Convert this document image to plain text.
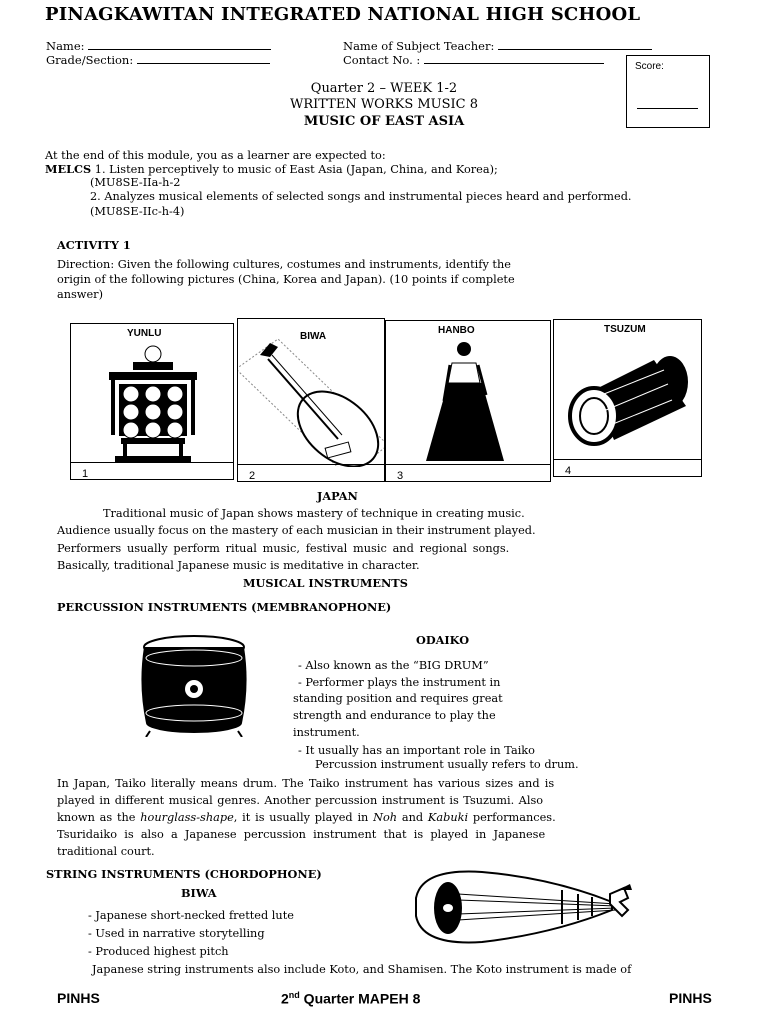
PINAGKAWITAN INTEGRATED NATIONAL HIGH SCHOOL
Name:
Grade/Section:
Name of Subject Teacher:
Contact No. :	Score:
Quarter 2 – WEEK 1-2
WRITTEN WORKS MUSIC 8
MUSIC OF EAST ASIA
At the end of this module, you as a learner are expected to:
MELCS 1. Listen perceptively to music of East Asia (Japan, China, and Korea);
(MU8SE-IIa-h-2
2. Analyzes musical elements of selected songs and instrumental pieces heard and performed.
(MU8SE-IIc-h-4)
ACTIVITY 1
Direction: Given the following cultures, costumes and instruments, identify the
origin of the following pictures (China, Korea and Japan). (10 points if complete
answer)
YUNLU
1
BIWA
2
HANBO
3
TSUZUM
4
JAPAN
Traditional music of Japan shows mastery of technique in creating music.
Audience usually focus on the mastery of each musician in their instrument played.
Performers usually perform ritual music, festival music and regional songs.
Basically, traditional Japanese music is meditative in character.
MUSICAL INSTRUMENTS
PERCUSSION INSTRUMENTS (MEMBRANOPHONE)
ODAIKO
- Also known as the “BIG DRUM”
- Performer plays the instrument in
standing position and requires great
strength and endurance to play the
instrument.
- It usually has an important role in Taiko
Percussion instrument usually refers to drum.
In Japan, Taiko literally means drum. The Taiko instrument has various sizes and is
played in different musical genres. Another percussion instrument is Tsuzumi. Also
known as the hourglass-shape, it is usually played in Noh and Kabuki performances.
Tsuridaiko is also a Japanese percussion instrument that is played in Japanese
traditional court.
STRING INSTRUMENTS (CHORDOPHONE)
BIWA
- Japanese short-necked fretted lute
- Used in narrative storytelling
- Produced highest pitch
Japanese string instruments also include Koto, and Shamisen. The Koto instrument is made of
PINHS	2nd Quarter MAPEH 8	PINHS
